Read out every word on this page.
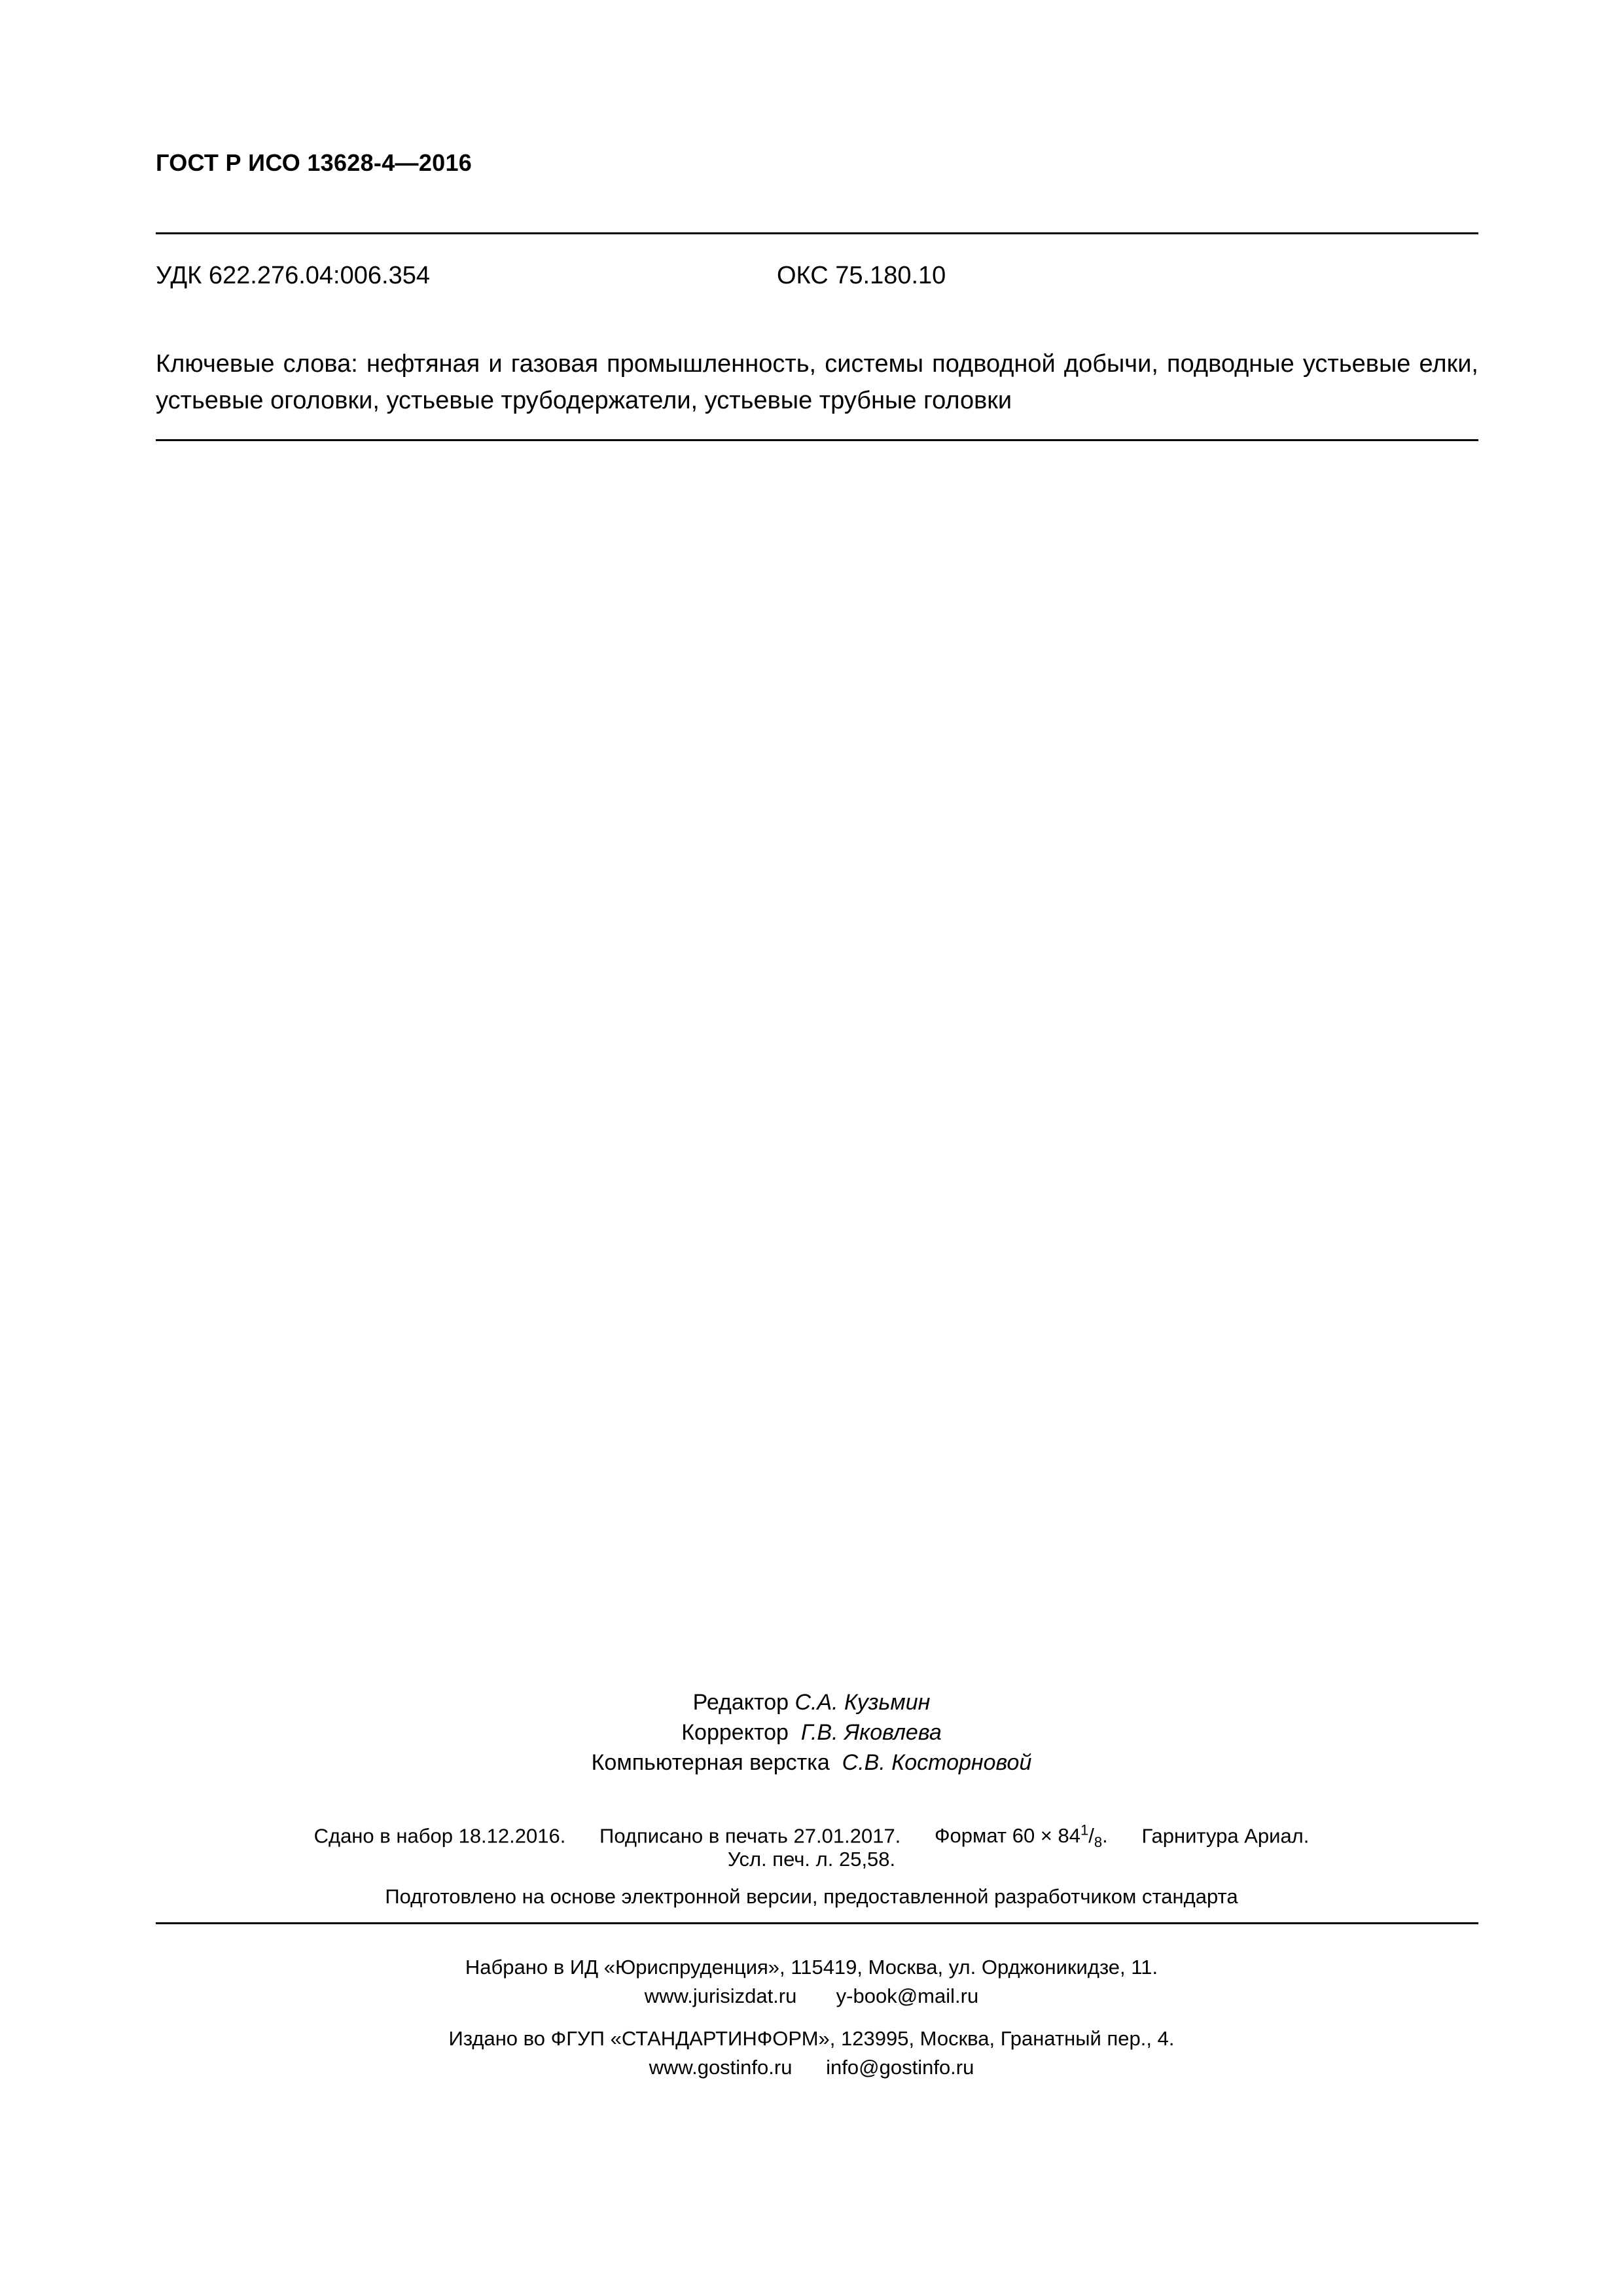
ГОСТ Р ИСО 13628-4—2016
УДК 622.276.04:006.354	ОКС 75.180.10
Ключевые слова: нефтяная и газовая промышленность, системы подводной добычи, подводные устьевые елки, устьевые оголовки, устьевые трубодержатели, устьевые трубные головки
Редактор С.А. Кузьмин
Корректор Г.В. Яковлева
Компьютерная верстка С.В. Косторновой
Сдано в набор 18.12.2016. Подписано в печать 27.01.2017. Формат $60 \times 84^1/_8$. Гарнитура Ариал.
Усл. печ. л. 25,58.
Подготовлено на основе электронной версии, предоставленной разработчиком стандарта
Набрано в ИД «Юриспруденция», 115419, Москва, ул. Орджоникидзе, 11.
www.jurisizdat.ru y-book@mail.ru
Издано во ФГУП «СТАНДАРТИНФОРМ», 123995, Москва, Гранатный пер., 4.
www.gostinfo.ru info@gostinfo.ru
